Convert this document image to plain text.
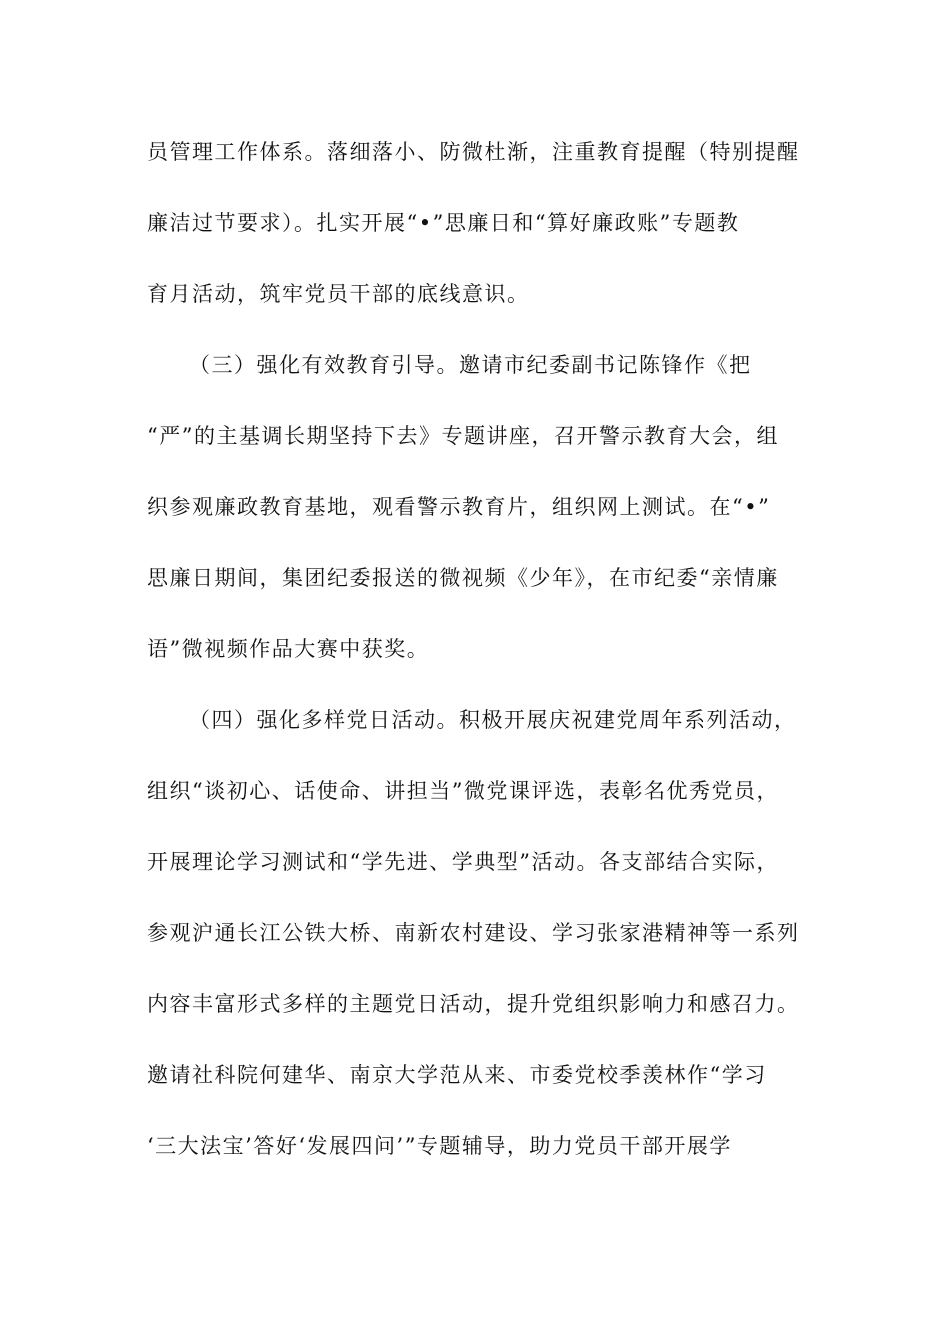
员管理工作体系。落细落小、防微杜渐，注重教育提醒（特别提醒
廉洁过节要求）。扎实开展“•”思廉日和“算好廉政账”专题教
育月活动，筑牢党员干部的底线意识。
（三）强化有效教育引导。邀请市纪委副书记陈锋作《把
“严”的主基调长期坚持下去》专题讲座，召开警示教育大会，组
织参观廉政教育基地，观看警示教育片，组织网上测试。在“•”
思廉日期间，集团纪委报送的微视频《少年》，在市纪委“亲情廉
语”微视频作品大赛中获奖。
（四）强化多样党日活动。积极开展庆祝建党周年系列活动，
组织“谈初心、话使命、讲担当”微党课评选，表彰名优秀党员，
开展理论学习测试和“学先进、学典型”活动。各支部结合实际，
参观沪通长江公铁大桥、南新农村建设、学习张家港精神等一系列
内容丰富形式多样的主题党日活动，提升党组织影响力和感召力。
邀请社科院何建华、南京大学范从来、市委党校季羡林作“学习
‘三大法宝’答好‘发展四问’”专题辅导，助力党员干部开展学
